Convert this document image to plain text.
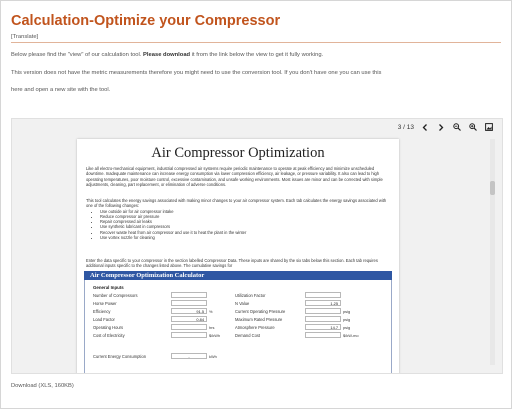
Calculation-Optimize your Compressor
[Translate]
Below please find the "view" of our calculation tool. Please download it from the link below the view to get it fully working.
This version does not have the metric measurements therefore you might need to use the conversion tool. If you don't have one you can use this
here and open a new site with the tool.
3 / 13
Air Compressor Optimization
Like all electro-mechanical equipment, industrial compressed air systems require periodic maintenance to operate at peak efficiency and minimize unscheduled downtime. Inadequate maintenance can increase energy consumption via lower compression efficiency, air leakage, or pressure variability. It also can lead to high operating temperatures, poor moisture control, excessive contamination, and unsafe working environments. Most issues are minor and can be corrected with simple adjustments, cleaning, part replacement, or elimination of adverse conditions.
This tool calculates the energy savings associated with making minor changes to your air compressor system. Each tab calculates the energy savings associated with one of the following changes:
• Use outside air for air compressor intake
• Reduce compressor air pressure
• Repair compressed air leaks
• Use synthetic lubricant in compressors
• Recover waste heat from air compressor and use it to heat the plant in the winter
• Use vortex nozzle for cleaning
Enter the data specific to your compressor in the section labelled Compressor Data. These inputs are shared by the six tabs below this section. Each tab requires additional inputs specific to the changes listed above. The cumulative savings for
Air Compressor Optimization Calculator
General Inputs
Number of Compressors
Horse Power
Efficiency
Load Factor
Operating Hours
Cost of Electricity
91.5
0.84
%
hrs
$/kWh
Utilization Factor
N Value
Current Operating Pressure
Maximum Rated Pressure
Atmosphere Pressure
Demand Cost
1.25
14.7
psig
psig
psig
$/kW-mo
Current Energy Consumption	-	kWh
Download (XLS, 160KB)
